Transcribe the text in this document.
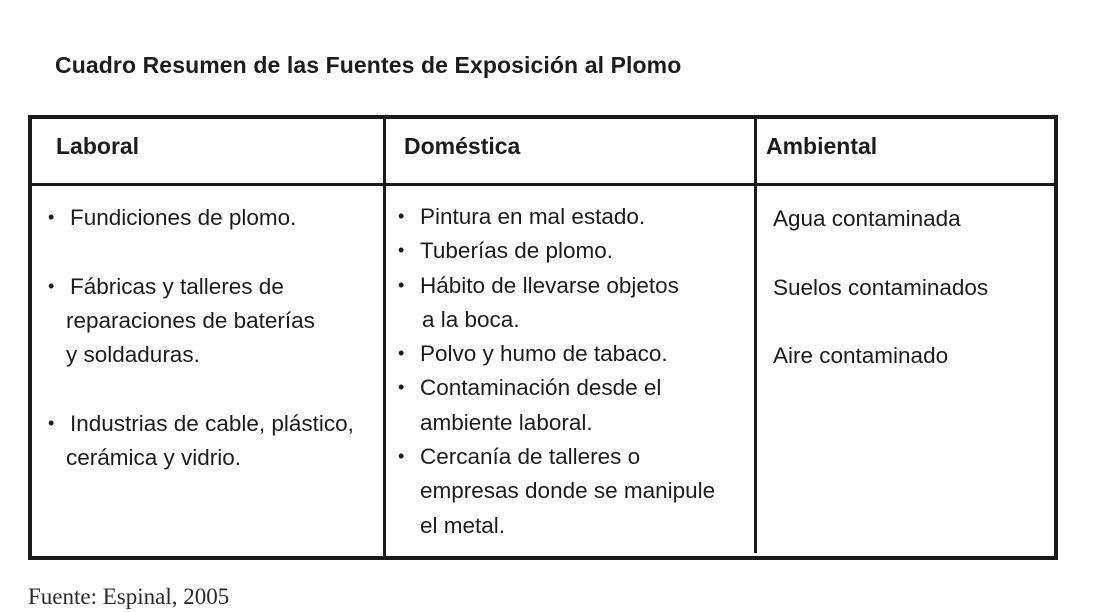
Cuadro Resumen de las Fuentes de Exposición al Plomo
Laboral	Doméstica	Ambiental
• Fundiciones de plomo.
• Fábricas y talleres de
reparaciones de baterías
y soldaduras.
• Industrias de cable, plástico,
cerámica y vidrio.
• Pintura en mal estado.
• Tuberías de plomo.
• Hábito de llevarse objetos
a la boca.
• Polvo y humo de tabaco.
• Contaminación desde el
ambiente laboral.
• Cercanía de talleres o
empresas donde se manipule
el metal.
Agua contaminada
Suelos contaminados
Aire contaminado
Fuente: Espinal, 2005
